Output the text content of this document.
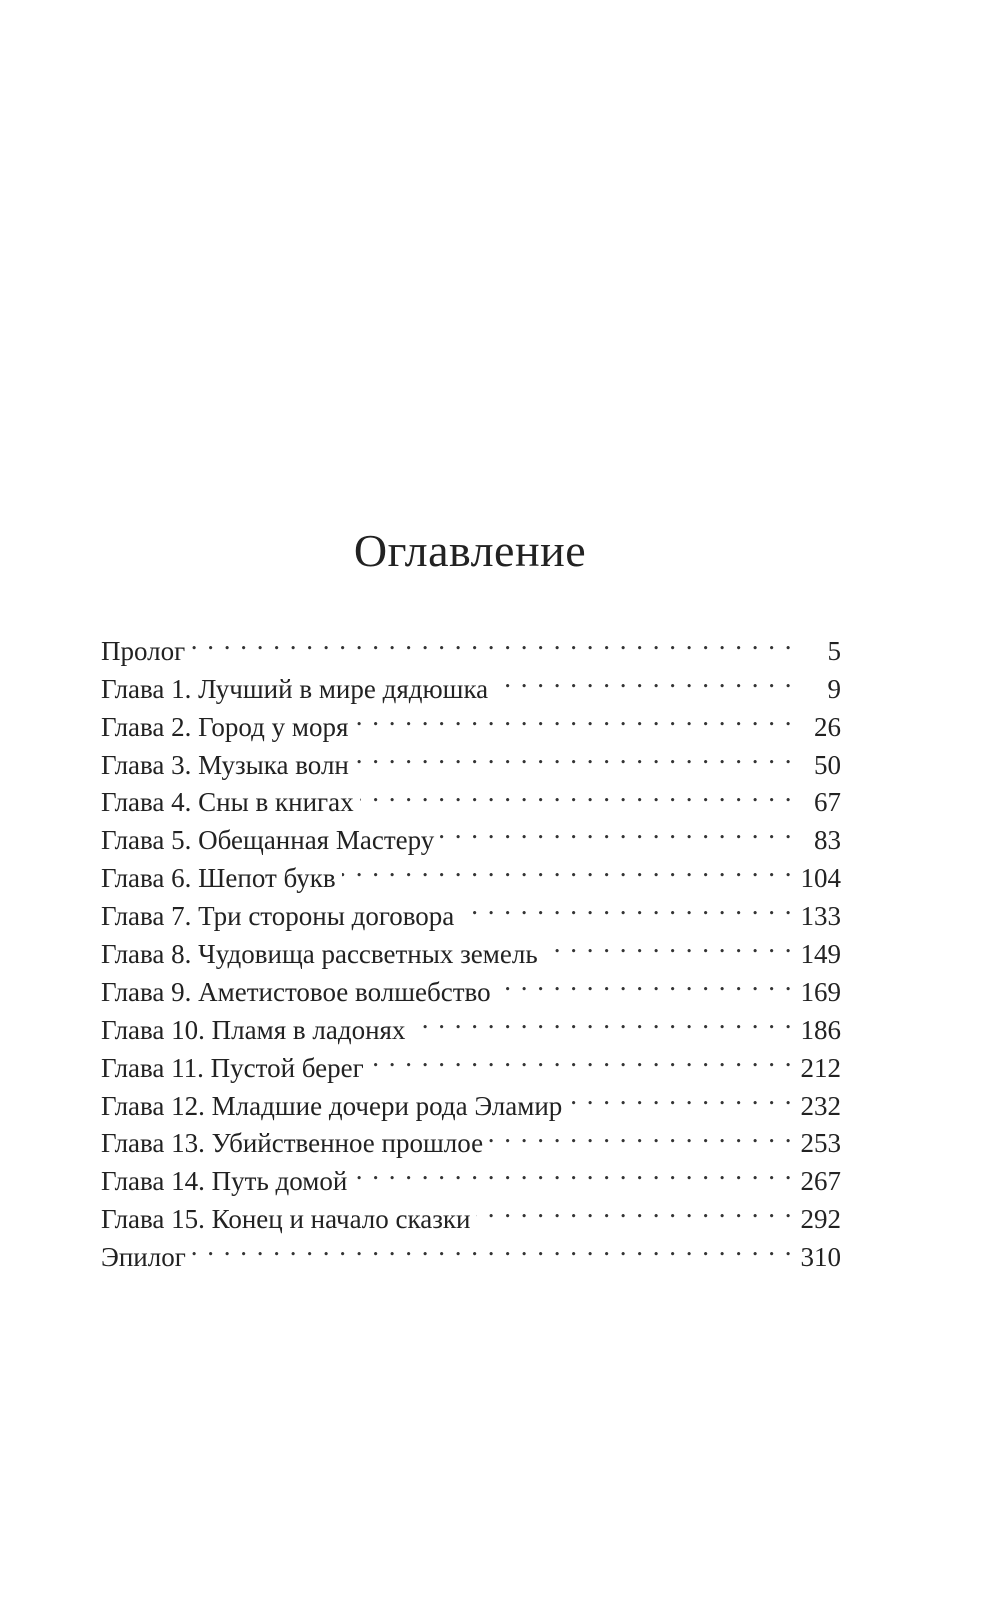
Оглавление
Пролог . . .	5
Глава 1. Лучший в мире дядюшка . . .	9
Глава 2. Город у моря . . .	26
Глава 3. Музыка волн . . .	50
Глава 4. Сны в книгах . . .	67
Глава 5. Обещанная Мастеру . . .	83
Глава 6. Шепот букв . . .	104
Глава 7. Три стороны договора . . .	133
Глава 8. Чудовища рассветных земель . . .	149
Глава 9. Аметистовое волшебство . . .	169
Глава 10. Пламя в ладонях . . .	186
Глава 11. Пустой берег . . .	212
Глава 12. Младшие дочери рода Эламир . . .	232
Глава 13. Убийственное прошлое . . .	253
Глава 14. Путь домой . . .	267
Глава 15. Конец и начало сказки . . .	292
Эпилог . . .	310
